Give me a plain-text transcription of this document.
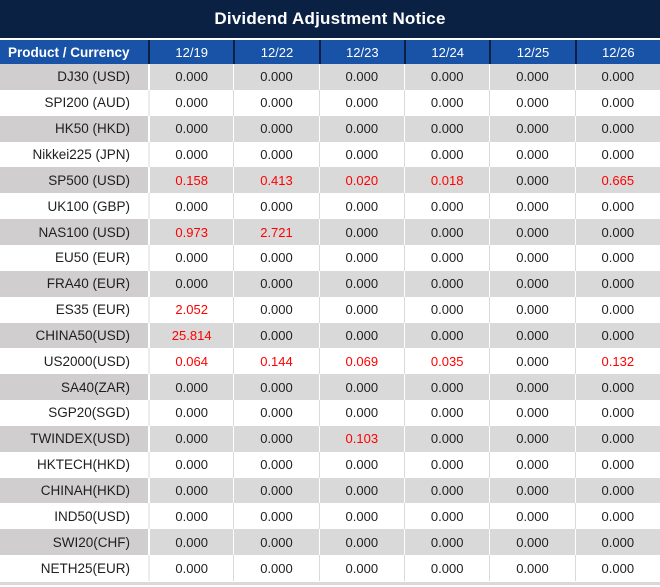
Dividend Adjustment Notice
Product / Currency	12/19	12/22	12/23	12/24	12/25	12/26
DJ30 (USD)	0.000	0.000	0.000	0.000	0.000	0.000
SPI200 (AUD)	0.000	0.000	0.000	0.000	0.000	0.000
HK50 (HKD)	0.000	0.000	0.000	0.000	0.000	0.000
Nikkei225 (JPN)	0.000	0.000	0.000	0.000	0.000	0.000
SP500 (USD)	0.158	0.413	0.020	0.018	0.000	0.665
UK100 (GBP)	0.000	0.000	0.000	0.000	0.000	0.000
NAS100 (USD)	0.973	2.721	0.000	0.000	0.000	0.000
EU50 (EUR)	0.000	0.000	0.000	0.000	0.000	0.000
FRA40 (EUR)	0.000	0.000	0.000	0.000	0.000	0.000
ES35 (EUR)	2.052	0.000	0.000	0.000	0.000	0.000
CHINA50(USD)	25.814	0.000	0.000	0.000	0.000	0.000
US2000(USD)	0.064	0.144	0.069	0.035	0.000	0.132
SA40(ZAR)	0.000	0.000	0.000	0.000	0.000	0.000
SGP20(SGD)	0.000	0.000	0.000	0.000	0.000	0.000
TWINDEX(USD)	0.000	0.000	0.103	0.000	0.000	0.000
HKTECH(HKD)	0.000	0.000	0.000	0.000	0.000	0.000
CHINAH(HKD)	0.000	0.000	0.000	0.000	0.000	0.000
IND50(USD)	0.000	0.000	0.000	0.000	0.000	0.000
SWI20(CHF)	0.000	0.000	0.000	0.000	0.000	0.000
NETH25(EUR)	0.000	0.000	0.000	0.000	0.000	0.000
